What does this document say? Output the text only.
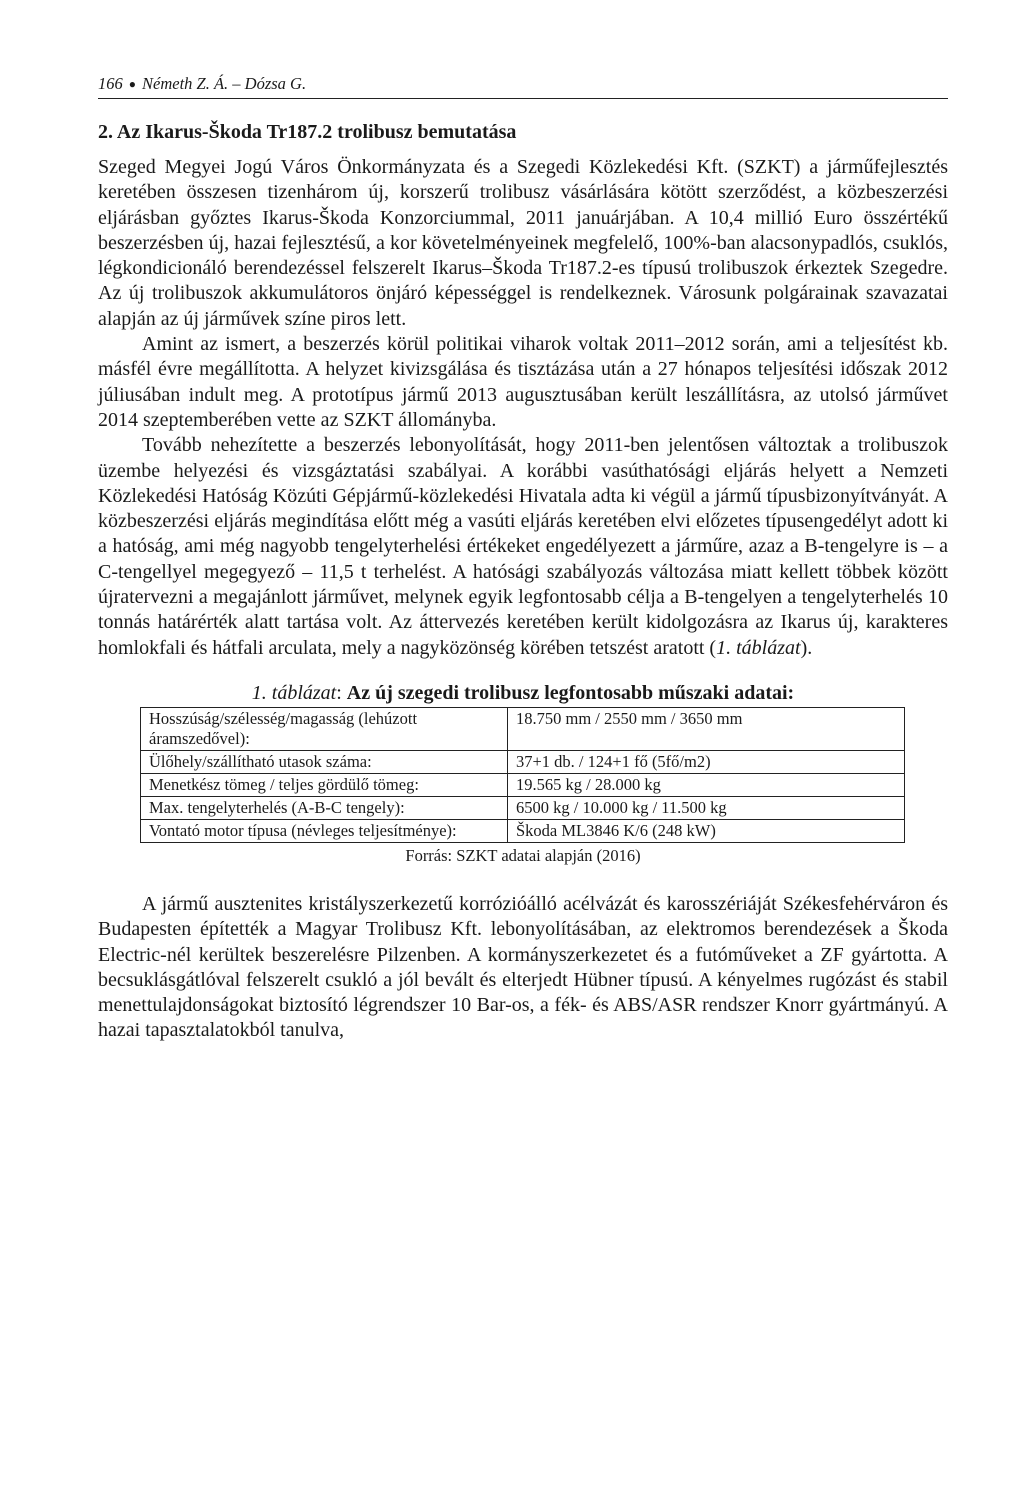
166 ● Németh Z. Á. – Dózsa G.
2. Az Ikarus-Škoda Tr187.2 trolibusz bemutatása

Szeged Megyei Jogú Város Önkormányzata és a Szegedi Közlekedési Kft. (SZKT) a járműfejlesztés keretében összesen tizenhárom új, korszerű trolibusz vásárlására kötött szerződést, a közbeszerzési eljárásban győztes Ikarus-Škoda Konzorciummal, 2011 januárjában. A 10,4 millió Euro összértékű beszerzésben új, hazai fejlesztésű, a kor követelményeinek megfelelő, 100%-ban alacsonypadlós, csuklós, légkondicionáló berendezéssel felszerelt Ikarus–Škoda Tr187.2-es típusú trolibuszok érkeztek Szegedre. Az új trolibuszok akkumulátoros önjáró képességgel is rendelkeznek. Városunk polgárainak szavazatai alapján az új járművek színe piros lett.

Amint az ismert, a beszerzés körül politikai viharok voltak 2011–2012 során, ami a teljesítést kb. másfél évre megállította. A helyzet kivizsgálása és tisztázása után a 27 hónapos teljesítési időszak 2012 júliusában indult meg. A prototípus jármű 2013 augusztusában került leszállításra, az utolsó járművet 2014 szeptemberében vette az SZKT állományba.

Tovább nehezítette a beszerzés lebonyolítását, hogy 2011-ben jelentősen változtak a trolibuszok üzembe helyezési és vizsgáztatási szabályai. A korábbi vasúthatósági eljárás helyett a Nemzeti Közlekedési Hatóság Közúti Gépjármű-közlekedési Hivatala adta ki végül a jármű típusbizonyítványát. A közbeszerzési eljárás megindítása előtt még a vasúti eljárás keretében elvi előzetes típusengedélyt adott ki a hatóság, ami még nagyobb tengelyterhelési értékeket engedélyezett a járműre, azaz a B-tengelyre is – a C-tengellyel megegyező – 11,5 t terhelést. A hatósági szabályozás változása miatt kellett többek között újratervezni a megajánlott járművet, melynek egyik legfontosabb célja a B-tengelyen a tengelyterhelés 10 tonnás határérték alatt tartása volt. Az áttervezés keretében került kidolgozásra az Ikarus új, karakteres homlokfali és hátfali arculata, mely a nagyközönség körében tetszést aratott (1. táblázat).

1. táblázat: Az új szegedi trolibusz legfontosabb műszaki adatai:
Hosszúság/szélesség/magasság (lehúzott áramszedővel):	18.750 mm / 2550 mm / 3650 mm
Ülőhely/szállítható utasok száma:	37+1 db. / 124+1 fő (5fő/m2)
Menetkész tömeg / teljes gördülő tömeg:	19.565 kg / 28.000 kg
Max. tengelyterhelés (A-B-C tengely):	6500 kg / 10.000 kg / 11.500 kg
Vontató motor típusa (névleges teljesítménye):	Škoda ML3846 K/6 (248 kW)
Forrás: SZKT adatai alapján (2016)

A jármű ausztenites kristályszerkezetű korrózióálló acélvázát és karosszériáját Székesfehérváron és Budapesten építették a Magyar Trolibusz Kft. lebonyolításában, az elektromos berendezések a Škoda Electric-nél kerültek beszerelésre Pilzenben. A kormányszerkezetet és a futóműveket a ZF gyártotta. A becsuklásgátlóval felszerelt csukló a jól bevált és elterjedt Hübner típusú. A kényelmes rugózást és stabil menettulajdonságokat biztosító légrendszer 10 Bar-os, a fék- és ABS/ASR rendszer Knorr gyártmányú. A hazai tapasztalatokból tanulva,
